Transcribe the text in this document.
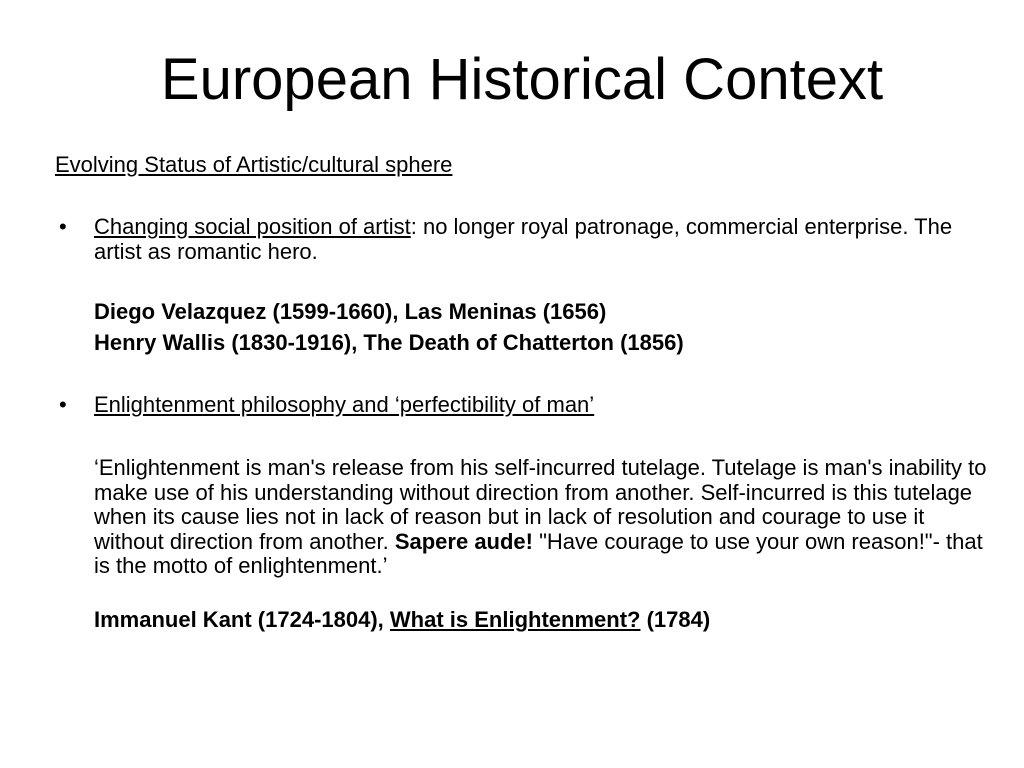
European Historical Context
Evolving Status of Artistic/cultural sphere
• Changing social position of artist: no longer royal patronage, commercial enterprise. The artist as romantic hero.
Diego Velazquez (1599-1660), Las Meninas (1656)
Henry Wallis (1830-1916), The Death of Chatterton (1856)
• Enlightenment philosophy and ‘perfectibility of man’
‘Enlightenment is man's release from his self-incurred tutelage. Tutelage is man's inability to make use of his understanding without direction from another. Self-incurred is this tutelage when its cause lies not in lack of reason but in lack of resolution and courage to use it without direction from another. Sapere aude! "Have courage to use your own reason!"- that is the motto of enlightenment.’
Immanuel Kant (1724-1804), What is Enlightenment? (1784)
